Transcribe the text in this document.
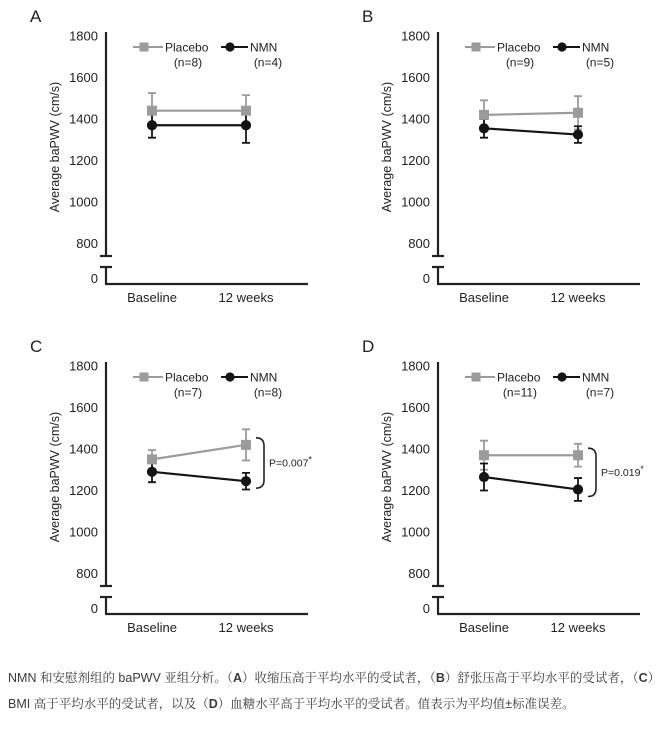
A
Average baPWV (cm/s)
1800
1600
1400
1200
1000
800
0
Baseline	12 weeks
Placebo
(n=8)
NMN
(n=4)
B
Average baPWV (cm/s)
1800
1600
1400
1200
1000
800
0
Baseline	12 weeks
Placebo
(n=9)
NMN
(n=5)
C
Average baPWV (cm/s)
1800
1600
1400
1200
1000
800
0
Baseline	12 weeks
Placebo
(n=7)
NMN
(n=8)
P=0.007*
D
Average baPWV (cm/s)
1800
1600
1400
1200
1000
800
0
Baseline	12 weeks
Placebo
(n=11)
NMN
(n=7)
P=0.019*

NMN 和安慰剂组的 baPWV 亚组分析。（A）收缩压高于平均水平的受试者，（B）舒张压高于平均水平的受试者，（C）BMI 高于平均水平的受试者，以及（D）血糖水平高于平均水平的受试者。值表示为平均值±标准误差。
